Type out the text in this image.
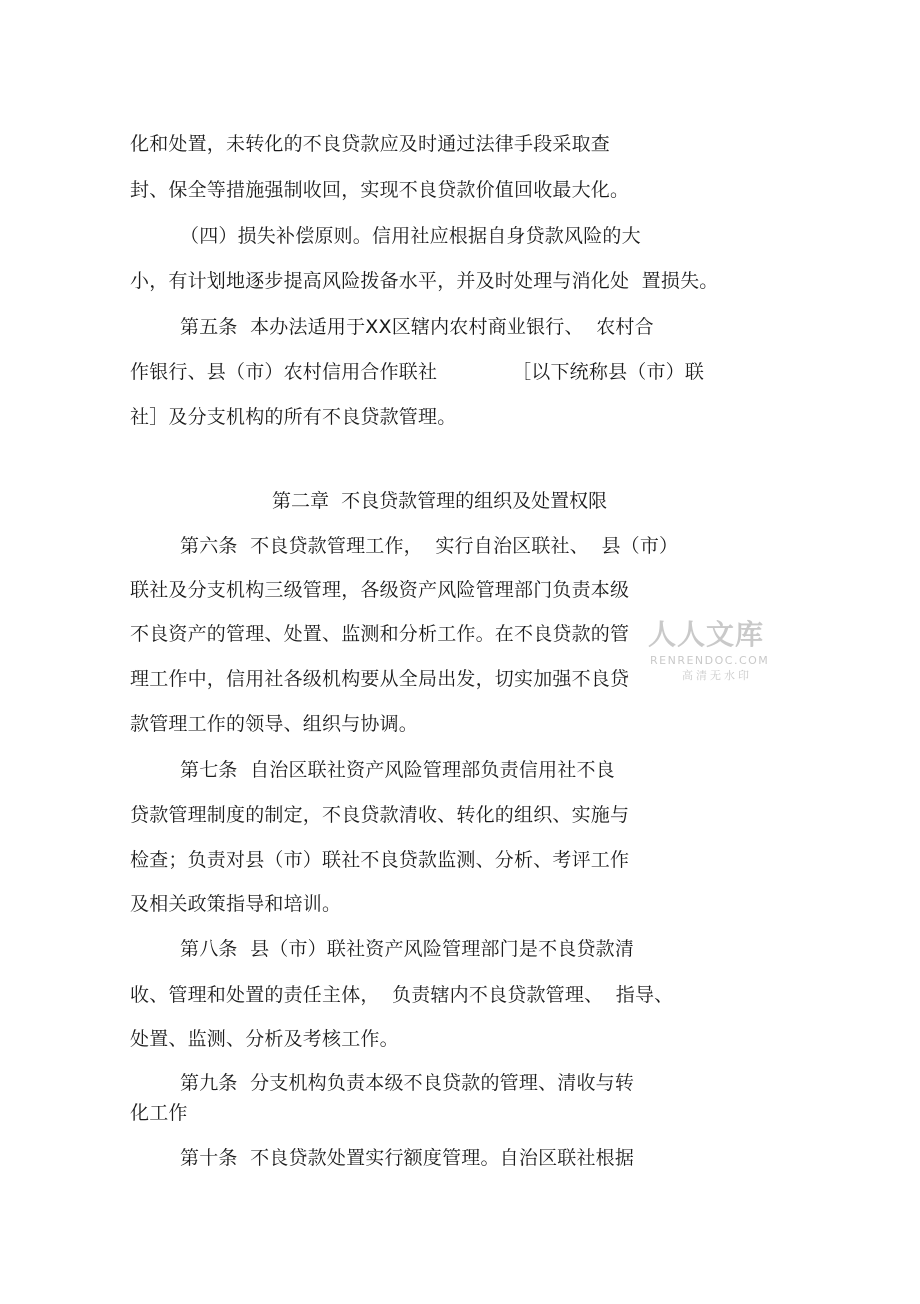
化和处置，未转化的不良贷款应及时通过法律手段采取查
封、保全等措施强制收回，实现不良贷款价值回收最大化。
（四）损失补偿原则。信用社应根据自身贷款风险的大
小，有计划地逐步提高风险拨备水平，并及时处理与消化处  置损失。
第五条  本办法适用于XX区辖内农村商业银行、  农村合
作银行、县（市）农村信用合作联社            ［以下统称县（市）联
社］及分支机构的所有不良贷款管理。
第二章  不良贷款管理的组织及处置权限
第六条  不良贷款管理工作，  实行自治区联社、  县（市）
联社及分支机构三级管理，各级资产风险管理部门负责本级
不良资产的管理、处置、监测和分析工作。在不良贷款的管
理工作中，信用社各级机构要从全局出发，切实加强不良贷
款管理工作的领导、组织与协调。
第七条  自治区联社资产风险管理部负责信用社不良
贷款管理制度的制定，不良贷款清收、转化的组织、实施与
检查；负责对县（市）联社不良贷款监测、分析、考评工作
及相关政策指导和培训。
第八条  县（市）联社资产风险管理部门是不良贷款清
收、管理和处置的责任主体，  负责辖内不良贷款管理、  指导、
处置、监测、分析及考核工作。
第九条  分支机构负责本级不良贷款的管理、清收与转
化工作
第十条  不良贷款处置实行额度管理。自治区联社根据
人人文库
RENRENDOC.COM
高清无水印
